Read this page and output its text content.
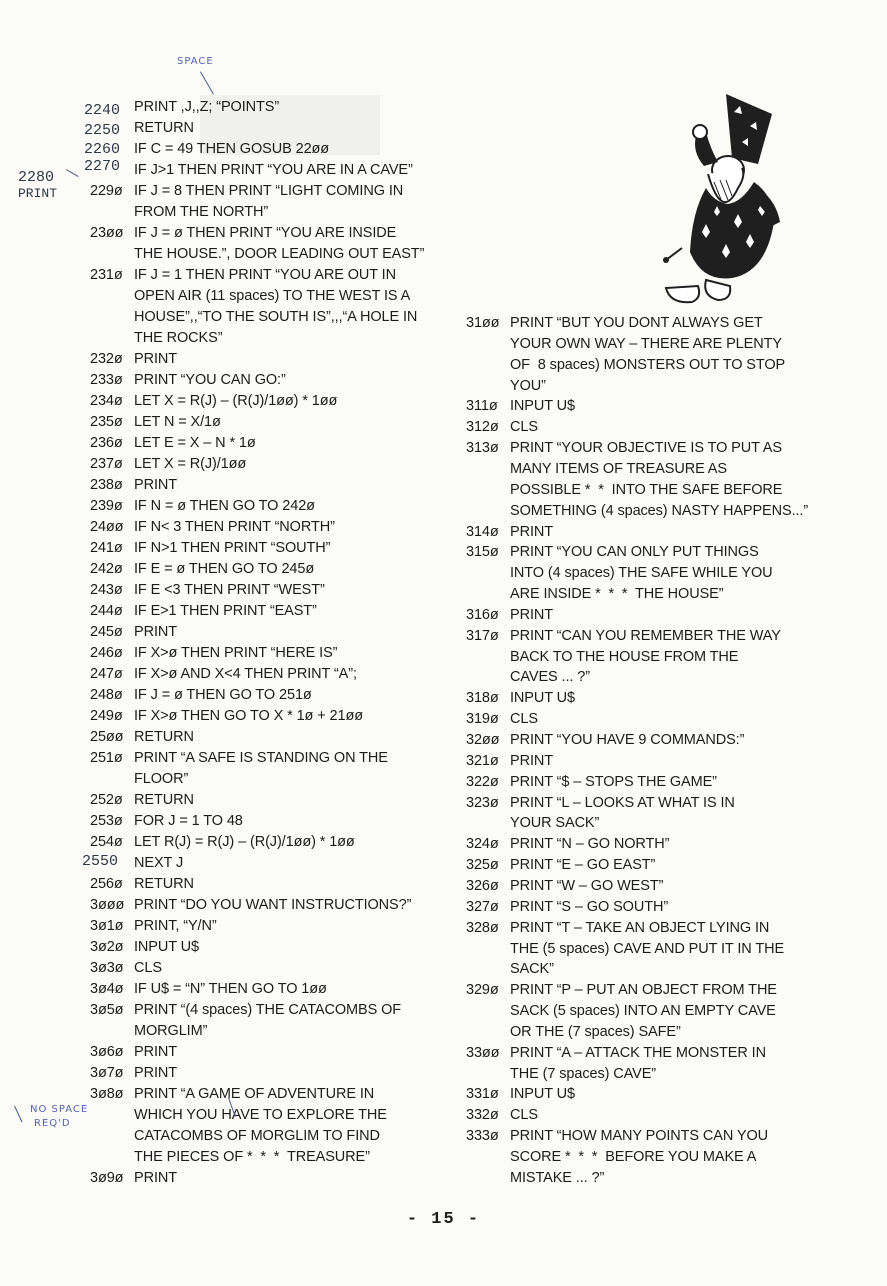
SPACE
2240
2250
2260
2270
2280
PRINT
PRINT ,J,,Z; “POINTS”
RETURN
IF C = 49 THEN GOSUB 22øø
IF J>1 THEN PRINT “YOU ARE IN A CAVE”
229ø IF J = 8 THEN PRINT “LIGHT COMING IN
FROM THE NORTH”
23øø IF J = ø THEN PRINT “YOU ARE INSIDE
THE HOUSE.”, DOOR LEADING OUT EAST”
231ø IF J = 1 THEN PRINT “YOU ARE OUT IN
OPEN AIR (11 spaces) TO THE WEST IS A
HOUSE”,,“TO THE SOUTH IS”,,,“A HOLE IN
THE ROCKS”
232ø PRINT
233ø PRINT “YOU CAN GO:”
234ø LET X = R(J) – (R(J)/1øø) * 1øø
235ø LET N = X/1ø
236ø LET E = X – N * 1ø
237ø LET X = R(J)/1øø
238ø PRINT
239ø IF N = ø THEN GO TO 242ø
24øø IF N< 3 THEN PRINT “NORTH”
241ø IF N>1 THEN PRINT “SOUTH”
242ø IF E = ø THEN GO TO 245ø
243ø IF E <3 THEN PRINT “WEST”
244ø IF E>1 THEN PRINT “EAST”
245ø PRINT
246ø IF X>ø THEN PRINT “HERE IS”
247ø IF X>ø AND X<4 THEN PRINT “A”;
248ø IF J = ø THEN GO TO 251ø
249ø IF X>ø THEN GO TO X * 1ø + 21øø
25øø RETURN
251ø PRINT “A SAFE IS STANDING ON THE
FLOOR”
252ø RETURN
253ø FOR J = 1 TO 48
254ø LET R(J) = R(J) – (R(J)/1øø) * 1øø
NEXT J
256ø RETURN
3øøø PRINT “DO YOU WANT INSTRUCTIONS?”
3ø1ø PRINT, “Y/N”
3ø2ø INPUT U$
3ø3ø CLS
3ø4ø IF U$ = “N” THEN GO TO 1øø
3ø5ø PRINT “(4 spaces) THE CATACOMBS OF
MORGLIM”
3ø6ø PRINT
3ø7ø PRINT
3ø8ø PRINT “A GAME OF ADVENTURE IN
WHICH YOU HAVE TO EXPLORE THE
CATACOMBS OF MORGLIM TO FIND
THE PIECES OF *  *  *  TREASURE”
3ø9ø PRINT
2550
NO SPACE
REQ'D
31øø PRINT “BUT YOU DONT ALWAYS GET
YOUR OWN WAY – THERE ARE PLENTY
OF  8 spaces) MONSTERS OUT TO STOP
YOU”
311ø INPUT U$
312ø CLS
313ø PRINT “YOUR OBJECTIVE IS TO PUT AS
MANY ITEMS OF TREASURE AS
POSSIBLE *  *  INTO THE SAFE BEFORE
SOMETHING (4 spaces) NASTY HAPPENS...”
314ø PRINT
315ø PRINT “YOU CAN ONLY PUT THINGS
INTO (4 spaces) THE SAFE WHILE YOU
ARE INSIDE *  *  *  THE HOUSE”
316ø PRINT
317ø PRINT “CAN YOU REMEMBER THE WAY
BACK TO THE HOUSE FROM THE
CAVES ... ?”
318ø INPUT U$
319ø CLS
32øø PRINT “YOU HAVE 9 COMMANDS:”
321ø PRINT
322ø PRINT “$ – STOPS THE GAME”
323ø PRINT “L – LOOKS AT WHAT IS IN
YOUR SACK”
324ø PRINT “N – GO NORTH”
325ø PRINT “E – GO EAST”
326ø PRINT “W – GO WEST”
327ø PRINT “S – GO SOUTH”
328ø PRINT “T – TAKE AN OBJECT LYING IN
THE (5 spaces) CAVE AND PUT IT IN THE
SACK”
329ø PRINT “P – PUT AN OBJECT FROM THE
SACK (5 spaces) INTO AN EMPTY CAVE
OR THE (7 spaces) SAFE”
33øø PRINT “A – ATTACK THE MONSTER IN
THE (7 spaces) CAVE”
331ø INPUT U$
332ø CLS
333ø PRINT “HOW MANY POINTS CAN YOU
SCORE *  *  *  BEFORE YOU MAKE A
MISTAKE ... ?”
- 15 -
